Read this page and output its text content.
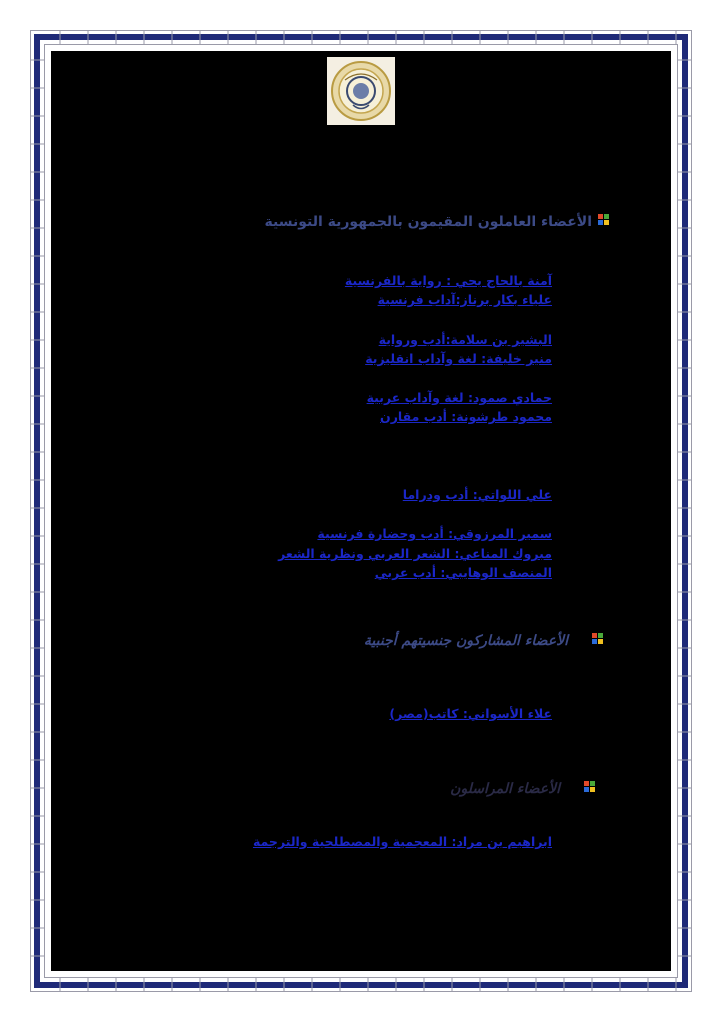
الأعضاء العاملون المقيمون بالجمهورية التونسية
آمنة بالحاج يحي : رواية بالفرنسية
علياء بكار برناز:آداب فرنسية
البشير بن سلامة:أدب ورواية
منير خليفة: لغة وآداب انقليزية
حمادي صمود: لغة وآداب عربية
محمود طرشونة: أدب مقارن
علي اللواتي: أدب ودراما
سمير المرزوقي: أدب وحضارة فرنسية
مبروك المناعي: الشعر العربي ونظرية الشعر
المنصف الوهايبي: أدب عربي
الأعضاء المشاركون جنسيتهم أجنبية
علاء الأسواني: كاتب(مصر)
الأعضاء المراسلون
ابراهيم بن مراد: المعجمية والمصطلحية والترجمة
